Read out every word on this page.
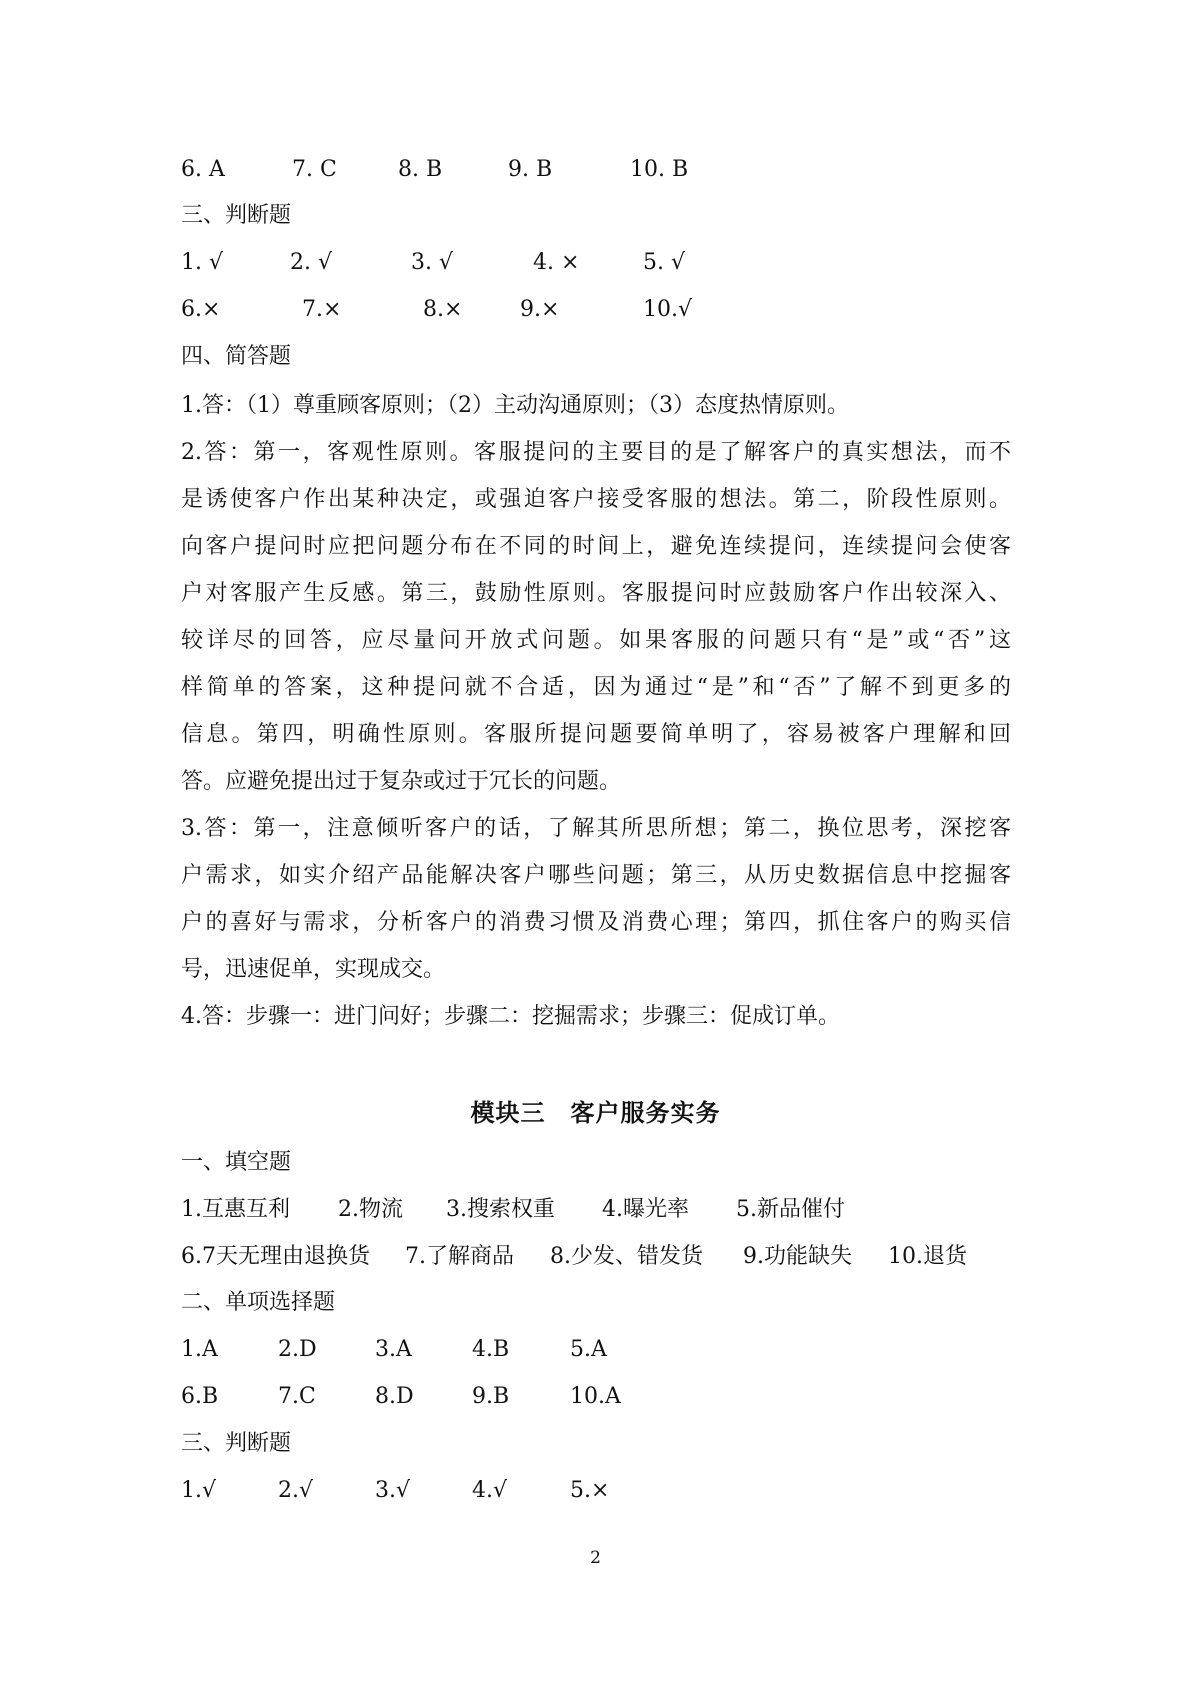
6. A	7. C	8. B	9. B	10. B
三、判断题
1. √	2. √	3. √	4. ×	5. √
6.×	7.×	8.×	9.×	10.√
四、简答题
1.答：（1）尊重顾客原则；（2）主动沟通原则；（3）态度热情原则。
2.答：第一，客观性原则。客服提问的主要目的是了解客户的真实想法，而不
是诱使客户作出某种决定，或强迫客户接受客服的想法。第二，阶段性原则。
向客户提问时应把问题分布在不同的时间上，避免连续提问，连续提问会使客
户对客服产生反感。第三，鼓励性原则。客服提问时应鼓励客户作出较深入、
较详尽的回答，应尽量问开放式问题。如果客服的问题只有“是”或“否”这
样简单的答案，这种提问就不合适，因为通过“是”和“否”了解不到更多的
信息。第四，明确性原则。客服所提问题要简单明了，容易被客户理解和回
答。应避免提出过于复杂或过于冗长的问题。
3.答：第一，注意倾听客户的话，了解其所思所想；第二，换位思考，深挖客
户需求，如实介绍产品能解决客户哪些问题；第三，从历史数据信息中挖掘客
户的喜好与需求，分析客户的消费习惯及消费心理；第四，抓住客户的购买信
号，迅速促单，实现成交。
4.答：步骤一：进门问好；步骤二：挖掘需求；步骤三：促成订单。
模块三　客户服务实务
一、填空题
1.互惠互利 2.物流 3.搜索权重 4.曝光率 5.新品催付
6.7天无理由退换货 7.了解商品 8.少发、错发货 9.功能缺失 10.退货
二、单项选择题
1.A	2.D	3.A	4.B	5.A
6.B	7.C	8.D	9.B	10.A
三、判断题
1.√	2.√	3.√	4.√	5.×
2
